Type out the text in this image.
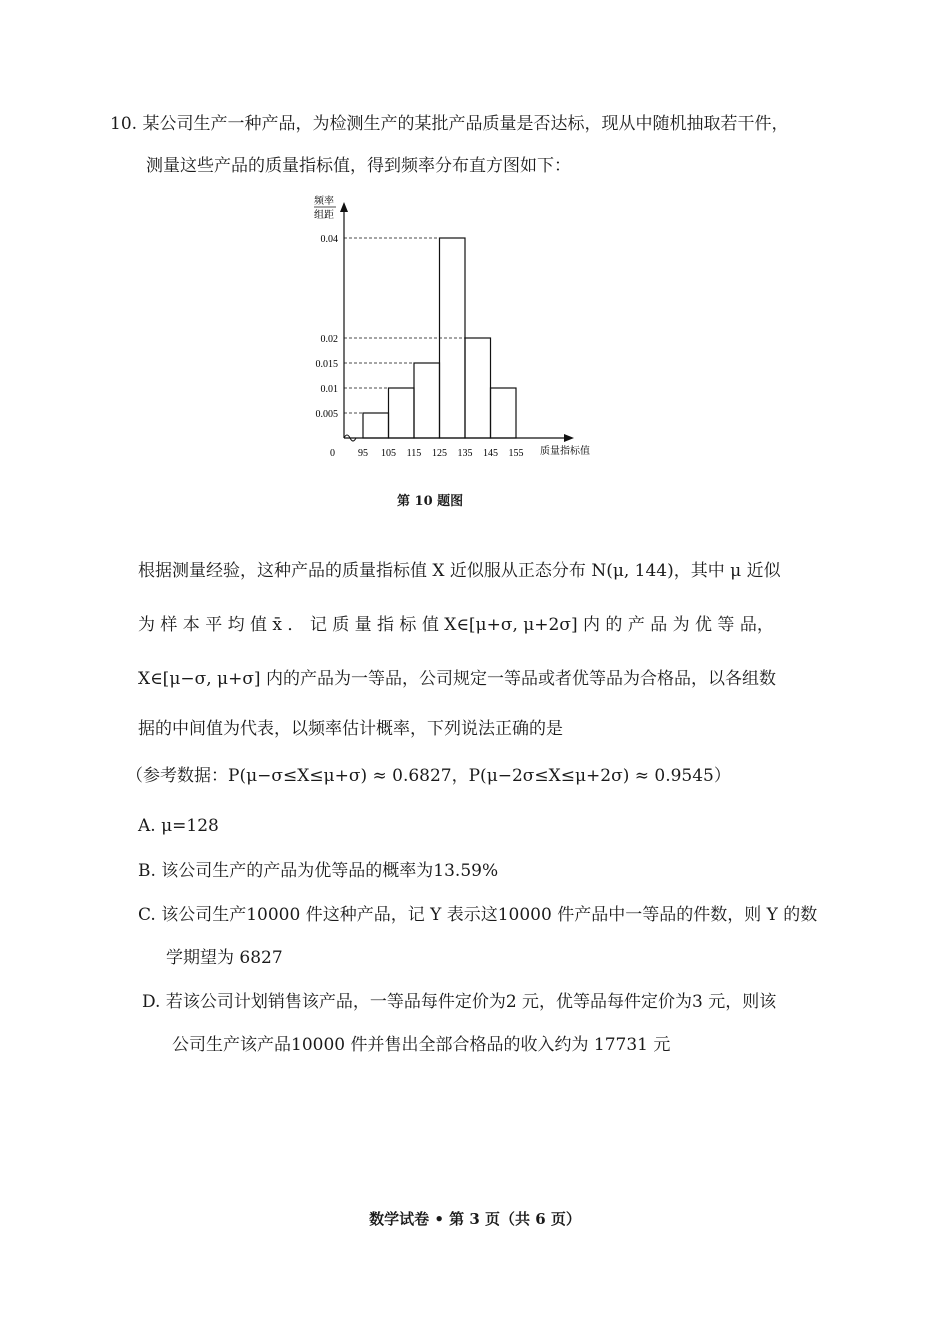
10. 某公司生产一种产品，为检测生产的某批产品质量是否达标，现从中随机抽取若干件，
测量这些产品的质量指标值，得到频率分布直方图如下：
频率
组距
0.005
0.01
0.015
0.02
0.04
0 95 105 115 125 135 145 155 质量指标值
第 10 题图
根据测量经验，这种产品的质量指标值 X 近似服从正态分布 N(μ, 144)，其中 μ 近似
为 样 本 平 均 值 x̄ ． 记 质 量 指 标 值 X∈[μ+σ, μ+2σ] 内 的 产 品 为 优 等 品，
X∈[μ−σ, μ+σ] 内的产品为一等品，公司规定一等品或者优等品为合格品，以各组数
据的中间值为代表，以频率估计概率，下列说法正确的是
（参考数据：P(μ−σ≤X≤μ+σ) ≈ 0.6827，P(μ−2σ≤X≤μ+2σ) ≈ 0.9545）
A. μ=128
B. 该公司生产的产品为优等品的概率为13.59%
C. 该公司生产10000 件这种产品，记 Y 表示这10000 件产品中一等品的件数，则 Y 的数
学期望为 6827
D. 若该公司计划销售该产品，一等品每件定价为2 元，优等品每件定价为3 元，则该
公司生产该产品10000 件并售出全部合格品的收入约为 17731 元
数学试卷 • 第 3 页（共 6 页）
